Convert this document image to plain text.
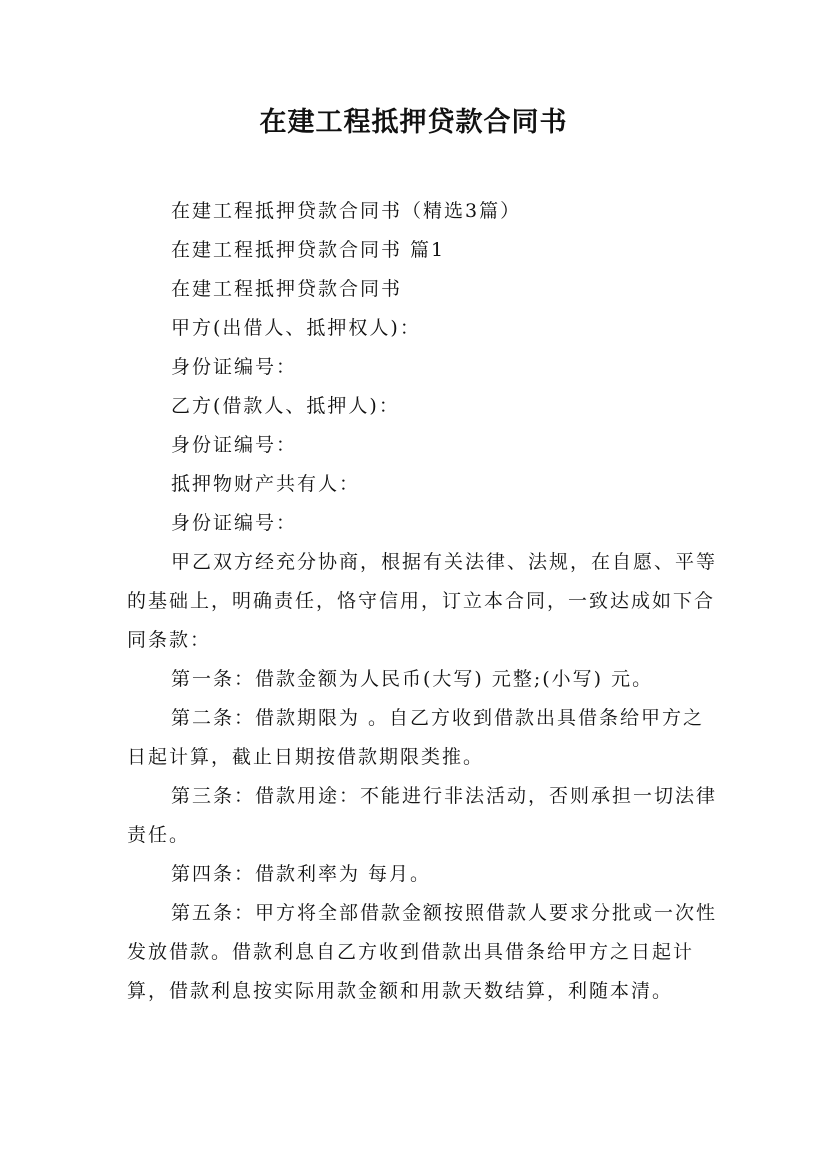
在建工程抵押贷款合同书

在建工程抵押贷款合同书（精选3篇）

在建工程抵押贷款合同书 篇1

在建工程抵押贷款合同书

甲方(出借人、抵押权人)：

身份证编号：

乙方(借款人、抵押人)：

身份证编号：

抵押物财产共有人：

身份证编号：

甲乙双方经充分协商，根据有关法律、法规，在自愿、平等的基础上，明确责任，恪守信用，订立本合同，一致达成如下合同条款：

第一条：借款金额为人民币(大写) 元整;(小写) 元。

第二条：借款期限为 。自乙方收到借款出具借条给甲方之日起计算，截止日期按借款期限类推。

第三条：借款用途：不能进行非法活动，否则承担一切法律责任。

第四条：借款利率为 每月。

第五条：甲方将全部借款金额按照借款人要求分批或一次性发放借款。借款利息自乙方收到借款出具借条给甲方之日起计算，借款利息按实际用款金额和用款天数结算，利随本清。
